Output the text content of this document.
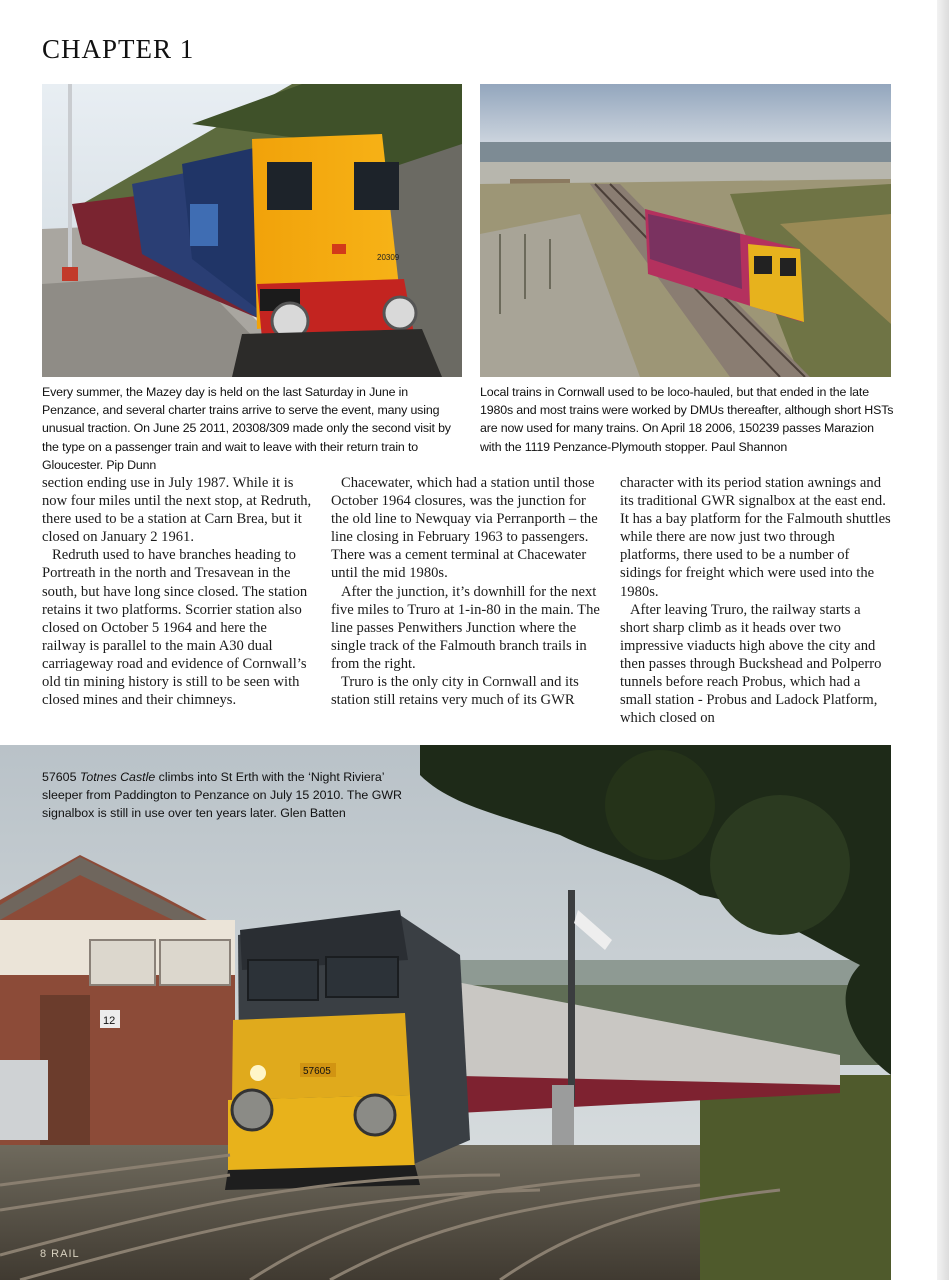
CHAPTER 1
20309

Every summer, the Mazey day is held on the last Saturday in June in Penzance, and several charter trains arrive to serve the event, many using unusual traction. On June 25 2011, 20308/309 made only the second visit by the type on a passenger train and wait to leave with their return train to Gloucester. Pip Dunn

Local trains in Cornwall used to be loco-hauled, but that ended in the late 1980s and most trains were worked by DMUs thereafter, although short HSTs are now used for many trains. On April 18 2006, 150239 passes Marazion with the 1119 Penzance-Plymouth stopper. Paul Shannon

section ending use in July 1987. While it is now four miles until the next stop, at Redruth, there used to be a station at Carn Brea, but it closed on January 2 1961.

Redruth used to have branches heading to Portreath in the north and Tresavean in the south, but have long since closed. The station retains it two platforms. Scorrier station also closed on October 5 1964 and here the railway is parallel to the main A30 dual carriageway road and evidence of Cornwall’s old tin mining history is still to be seen with closed mines and their chimneys.

Chacewater, which had a station until those October 1964 closures, was the junction for the old line to Newquay via Perranporth – the line closing in February 1963 to passengers. There was a cement terminal at Chacewater until the mid 1980s.

After the junction, it’s downhill for the next five miles to Truro at 1-in-80 in the main. The line passes Penwithers Junction where the single track of the Falmouth branch trails in from the right.

Truro is the only city in Cornwall and its station still retains very much of its GWR

character with its period station awnings and its traditional GWR signalbox at the east end. It has a bay platform for the Falmouth shuttles while there are now just two through platforms, there used to be a number of sidings for freight which were used into the 1980s.

After leaving Truro, the railway starts a short sharp climb as it heads over two impressive viaducts high above the city and then passes through Buckshead and Polperro tunnels before reach Probus, which had a small station - Probus and Ladock Platform, which closed on

12
57605

57605 Totnes Castle climbs into St Erth with the ‘Night Riviera’ sleeper from Paddington to Penzance on July 15 2010. The GWR signalbox is still in use over ten years later. Glen Batten

8 RAIL
